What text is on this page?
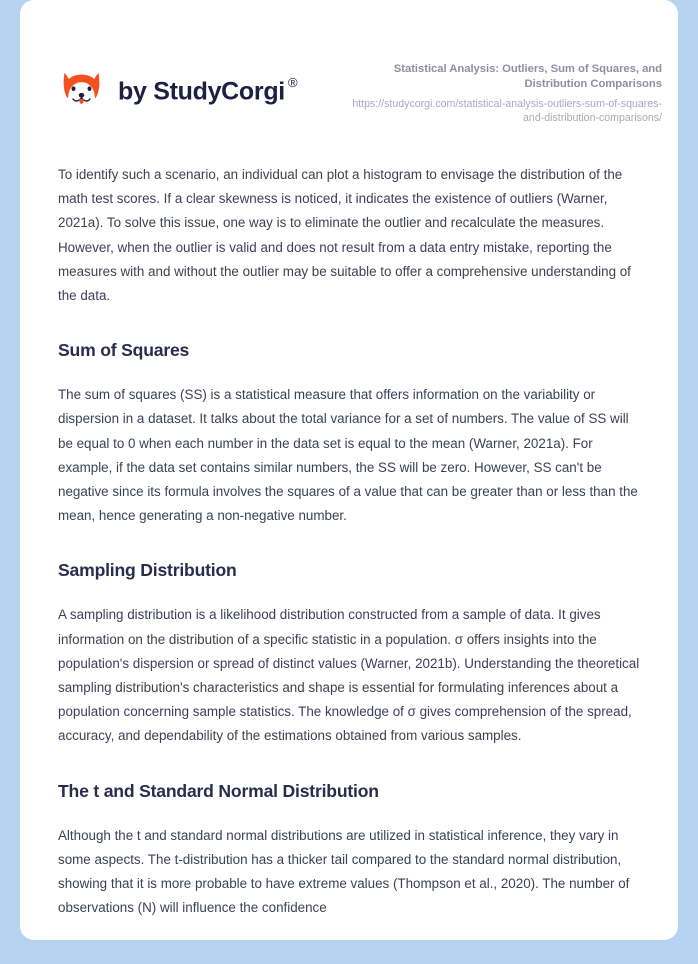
by StudyCorgi ®
Statistical Analysis: Outliers, Sum of Squares, and Distribution Comparisons
https://studycorgi.com/statistical-analysis-outliers-sum-of-squares-and-distribution-comparisons/

To identify such a scenario, an individual can plot a histogram to envisage the distribution of the math test scores. If a clear skewness is noticed, it indicates the existence of outliers (Warner, 2021a). To solve this issue, one way is to eliminate the outlier and recalculate the measures. However, when the outlier is valid and does not result from a data entry mistake, reporting the measures with and without the outlier may be suitable to offer a comprehensive understanding of the data.

Sum of Squares

The sum of squares (SS) is a statistical measure that offers information on the variability or dispersion in a dataset. It talks about the total variance for a set of numbers. The value of SS will be equal to 0 when each number in the data set is equal to the mean (Warner, 2021a). For example, if the data set contains similar numbers, the SS will be zero. However, SS can't be negative since its formula involves the squares of a value that can be greater than or less than the mean, hence generating a non-negative number.

Sampling Distribution

A sampling distribution is a likelihood distribution constructed from a sample of data. It gives information on the distribution of a specific statistic in a population. σ offers insights into the population's dispersion or spread of distinct values (Warner, 2021b). Understanding the theoretical sampling distribution's characteristics and shape is essential for formulating inferences about a population concerning sample statistics. The knowledge of σ gives comprehension of the spread, accuracy, and dependability of the estimations obtained from various samples.

The t and Standard Normal Distribution

Although the t and standard normal distributions are utilized in statistical inference, they vary in some aspects. The t-distribution has a thicker tail compared to the standard normal distribution, showing that it is more probable to have extreme values (Thompson et al., 2020). The number of observations (N) will influence the confidence
